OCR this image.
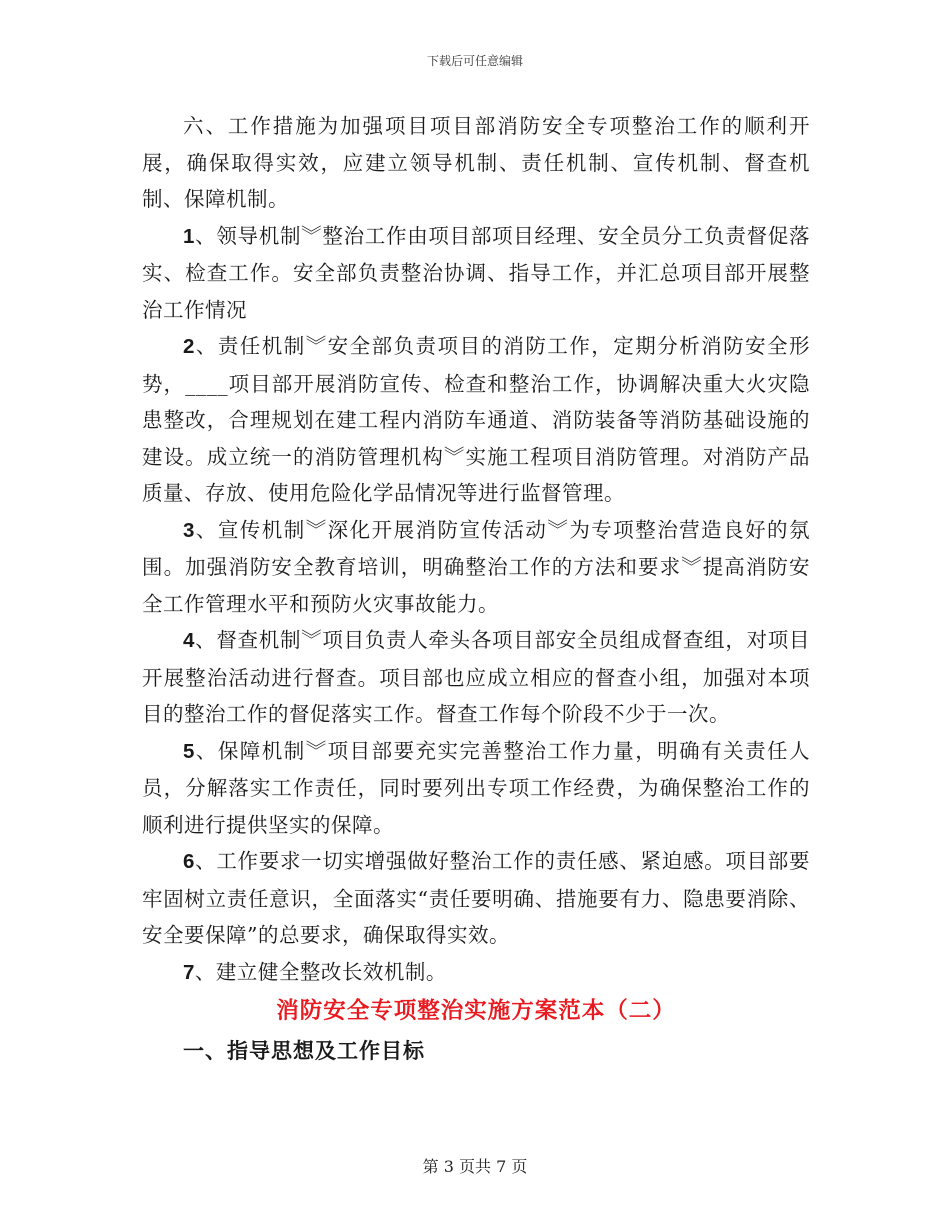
下载后可任意编辑

六、工作措施为加强项目项目部消防安全专项整治工作的顺利开展，确保取得实效，应建立领导机制、责任机制、宣传机制、督查机制、保障机制。

1、领导机制︾整治工作由项目部项目经理、安全员分工负责督促落实、检查工作。安全部负责整治协调、指导工作，并汇总项目部开展整治工作情况

2、责任机制︾安全部负责项目的消防工作，定期分析消防安全形势，____项目部开展消防宣传、检查和整治工作，协调解决重大火灾隐患整改，合理规划在建工程内消防车通道、消防装备等消防基础设施的建设。成立统一的消防管理机构︾实施工程项目消防管理。对消防产品质量、存放、使用危险化学品情况等进行监督管理。

3、宣传机制︾深化开展消防宣传活动︾为专项整治营造良好的氛围。加强消防安全教育培训，明确整治工作的方法和要求︾提高消防安全工作管理水平和预防火灾事故能力。

4、督查机制︾项目负责人牵头各项目部安全员组成督查组，对项目开展整治活动进行督查。项目部也应成立相应的督查小组，加强对本项目的整治工作的督促落实工作。督查工作每个阶段不少于一次。

5、保障机制︾项目部要充实完善整治工作力量，明确有关责任人员，分解落实工作责任，同时要列出专项工作经费，为确保整治工作的顺利进行提供坚实的保障。

6、工作要求一切实增强做好整治工作的责任感、紧迫感。项目部要牢固树立责任意识，全面落实“责任要明确、措施要有力、隐患要消除、安全要保障”的总要求，确保取得实效。

7、建立健全整改长效机制。

消防安全专项整治实施方案范本（二）
一、指导思想及工作目标
第 3 页共 7 页
